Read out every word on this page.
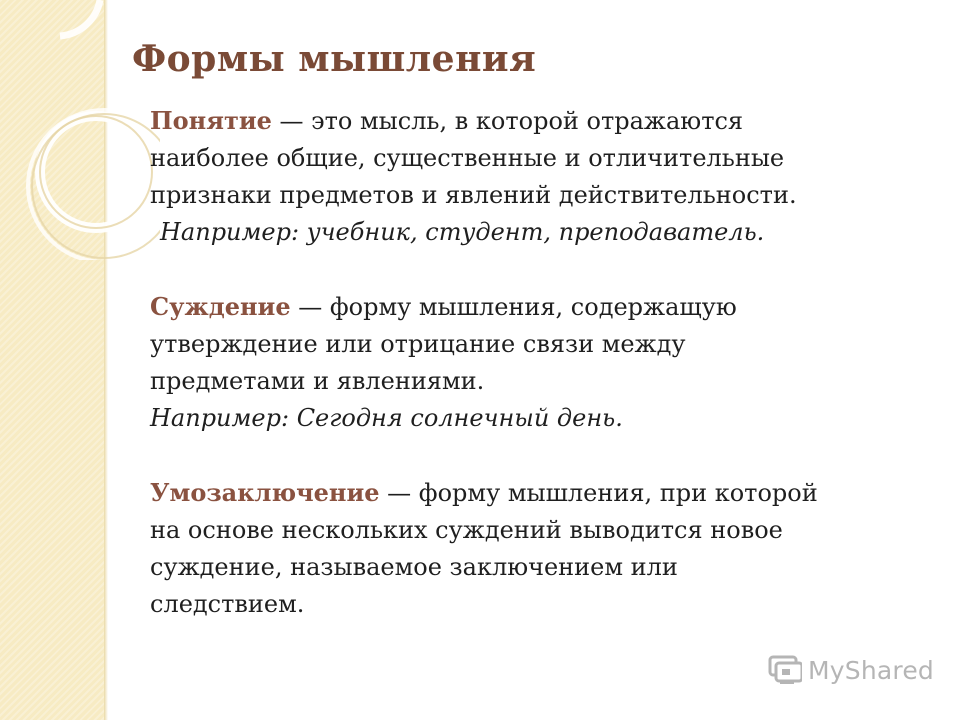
Формы мышления

Понятие — это мысль, в которой отражаются

наиболее общие, существенные и отличительные

признаки предметов и явлений действительности.

Например: учебник, студент, преподаватель.

Суждение — форму мышления, содержащую

утверждение или отрицание связи между

предметами и явлениями.

Например: Сегодня солнечный день.

Умозаключение — форму мышления, при которой

на основе нескольких суждений выводится новое

суждение, называемое заключением или

следствием.

MyShared
